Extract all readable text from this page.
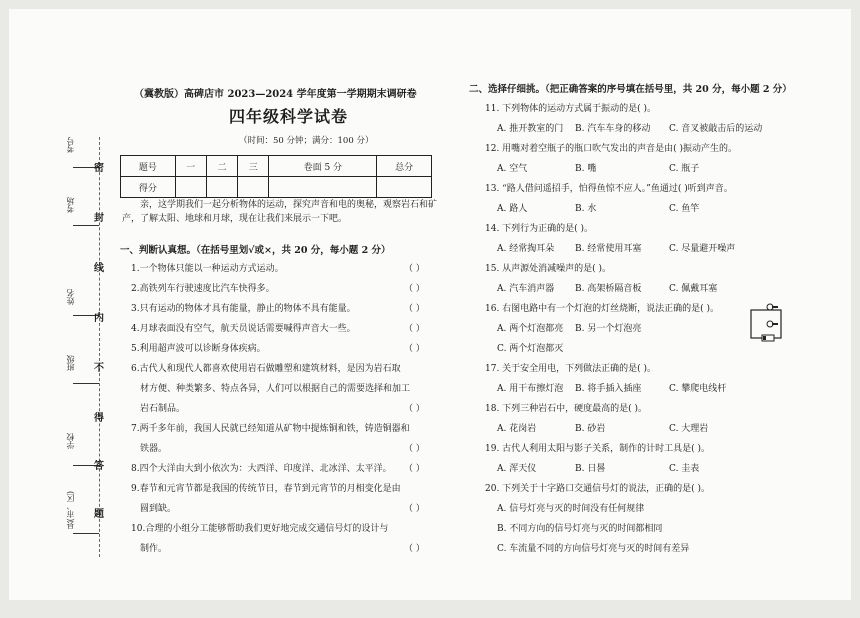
考号
考场
姓名
班级
学校
县(市、区)
密
封
线
内
不
得
答
题
（冀教版）高碑店市 2023—2024 学年度第一学期期末调研卷
四年级科学试卷
（时间：50 分钟；满分：100 分）
题号	一	二	三	卷面 5 分	总分
得分					
亲，这学期我们一起分析物体的运动，探究声音和电的奥秘，观察岩石和矿产，了解太阳、地球和月球，现在让我们来展示一下吧。
一、判断认真想。（在括号里划√或×，共 20 分，每小题 2 分）
1.一个物体只能以一种运动方式运动。	（ ）
2.高铁列车行驶速度比汽车快得多。	（ ）
3.只有运动的物体才具有能量，静止的物体不具有能量。	（ ）
4.月球表面没有空气，航天员说话需要喊得声音大一些。	（ ）
5.利用超声波可以诊断身体疾病。	（ ）
6.古代人和现代人都喜欢使用岩石做雕塑和建筑材料，是因为岩石取
材方便、种类繁多、特点各异，人们可以根据自己的需要选择和加工
岩石制品。	（ ）
7.两千多年前，我国人民就已经知道从矿物中提炼铜和铁，铸造铜器和
铁器。	（ ）
8.四个大洋由大到小依次为：大西洋、印度洋、北冰洋、太平洋。 （ ）
9.春节和元宵节都是我国的传统节日，春节到元宵节的月相变化是由
圆到缺。	（ ）
10.合理的小组分工能够帮助我们更好地完成交通信号灯的设计与
制作。	（ ）
二、选择仔细挑。（把正确答案的序号填在括号里，共 20 分，每小题 2 分）
11. 下列物体的运动方式属于振动的是( )。
A. 推开教室的门 B. 汽车车身的移动 C. 音叉被敲击后的运动
12. 用嘴对着空瓶子的瓶口吹气发出的声音是由( )振动产生的。
A. 空气	B. 嘴	C. 瓶子
13. “路人借问遥招手，怕得鱼惊不应人。”鱼通过( )听到声音。
A. 路人	B. 水	C. 鱼竿
14. 下列行为正确的是( )。
A. 经常掏耳朵 B. 经常使用耳塞	C. 尽量避开噪声
15. 从声源处消减噪声的是( )。
A. 汽车消声器 B. 高架桥隔音板	C. 佩戴耳塞
16. 右图电路中有一个灯泡的灯丝烧断，说法正确的是( )。
A. 两个灯泡都亮 B. 另一个灯泡亮
C. 两个灯泡都灭
17. 关于安全用电，下列做法正确的是( )。
A. 用干布擦灯泡 B. 将手插入插座	C. 攀爬电线杆
18. 下列三种岩石中，硬度最高的是( )。
A. 花岗岩	B. 砂岩	C. 大理岩
19. 古代人利用太阳与影子关系，制作的计时工具是( )。
A. 浑天仪	B. 日晷	C. 圭表
20. 下列关于十字路口交通信号灯的说法，正确的是( )。
A. 信号灯亮与灭的时间没有任何规律
B. 不同方向的信号灯亮与灭的时间都相同
C. 车流量不同的方向信号灯亮与灭的时间有差异
